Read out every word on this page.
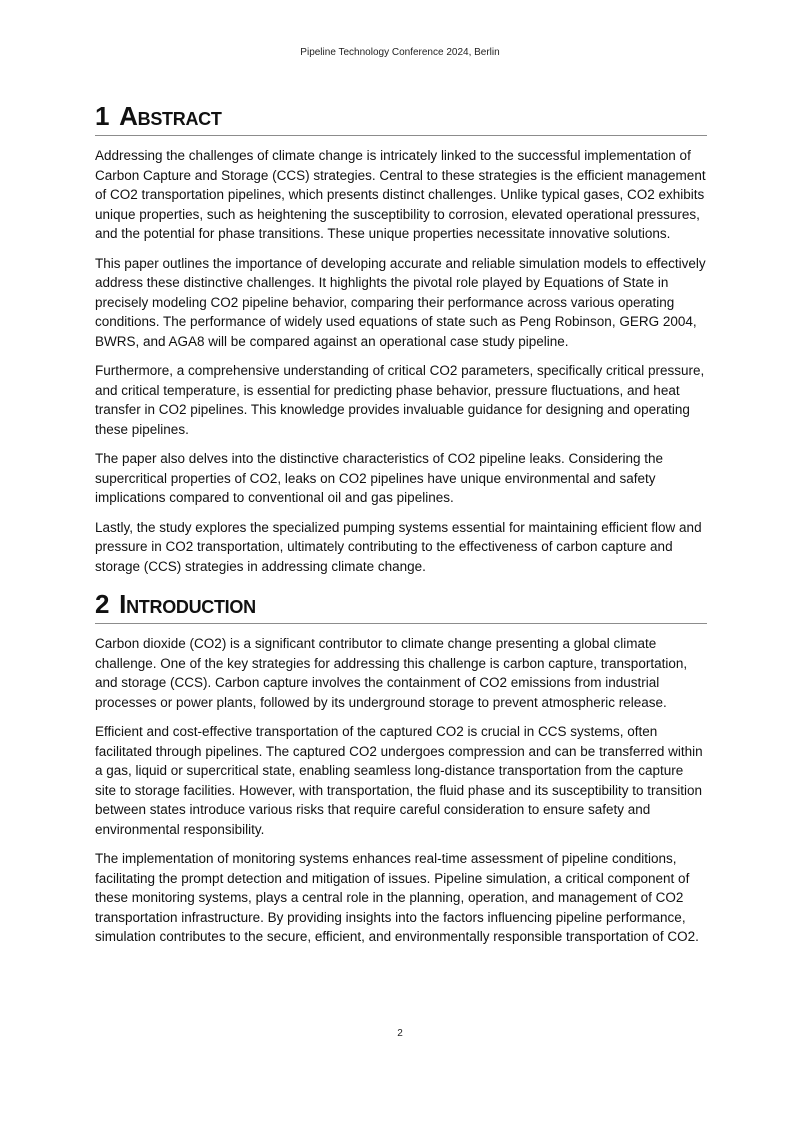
Pipeline Technology Conference 2024, Berlin
1 Abstract

Addressing the challenges of climate change is intricately linked to the successful implementation of Carbon Capture and Storage (CCS) strategies. Central to these strategies is the efficient management of CO2 transportation pipelines, which presents distinct challenges. Unlike typical gases, CO2 exhibits unique properties, such as heightening the susceptibility to corrosion, elevated operational pressures, and the potential for phase transitions. These unique properties necessitate innovative solutions.

This paper outlines the importance of developing accurate and reliable simulation models to effectively address these distinctive challenges. It highlights the pivotal role played by Equations of State in precisely modeling CO2 pipeline behavior, comparing their performance across various operating conditions. The performance of widely used equations of state such as Peng Robinson, GERG 2004, BWRS, and AGA8 will be compared against an operational case study pipeline.

Furthermore, a comprehensive understanding of critical CO2 parameters, specifically critical pressure, and critical temperature, is essential for predicting phase behavior, pressure fluctuations, and heat transfer in CO2 pipelines. This knowledge provides invaluable guidance for designing and operating these pipelines.

The paper also delves into the distinctive characteristics of CO2 pipeline leaks. Considering the supercritical properties of CO2, leaks on CO2 pipelines have unique environmental and safety implications compared to conventional oil and gas pipelines.

Lastly, the study explores the specialized pumping systems essential for maintaining efficient flow and pressure in CO2 transportation, ultimately contributing to the effectiveness of carbon capture and storage (CCS) strategies in addressing climate change.

2 Introduction

Carbon dioxide (CO2) is a significant contributor to climate change presenting a global climate challenge. One of the key strategies for addressing this challenge is carbon capture, transportation, and storage (CCS). Carbon capture involves the containment of CO2 emissions from industrial processes or power plants, followed by its underground storage to prevent atmospheric release.

Efficient and cost-effective transportation of the captured CO2 is crucial in CCS systems, often facilitated through pipelines. The captured CO2 undergoes compression and can be transferred within a gas, liquid or supercritical state, enabling seamless long-distance transportation from the capture site to storage facilities. However, with transportation, the fluid phase and its susceptibility to transition between states introduce various risks that require careful consideration to ensure safety and environmental responsibility.

The implementation of monitoring systems enhances real-time assessment of pipeline conditions, facilitating the prompt detection and mitigation of issues. Pipeline simulation, a critical component of these monitoring systems, plays a central role in the planning, operation, and management of CO2 transportation infrastructure. By providing insights into the factors influencing pipeline performance, simulation contributes to the secure, efficient, and environmentally responsible transportation of CO2.

2
